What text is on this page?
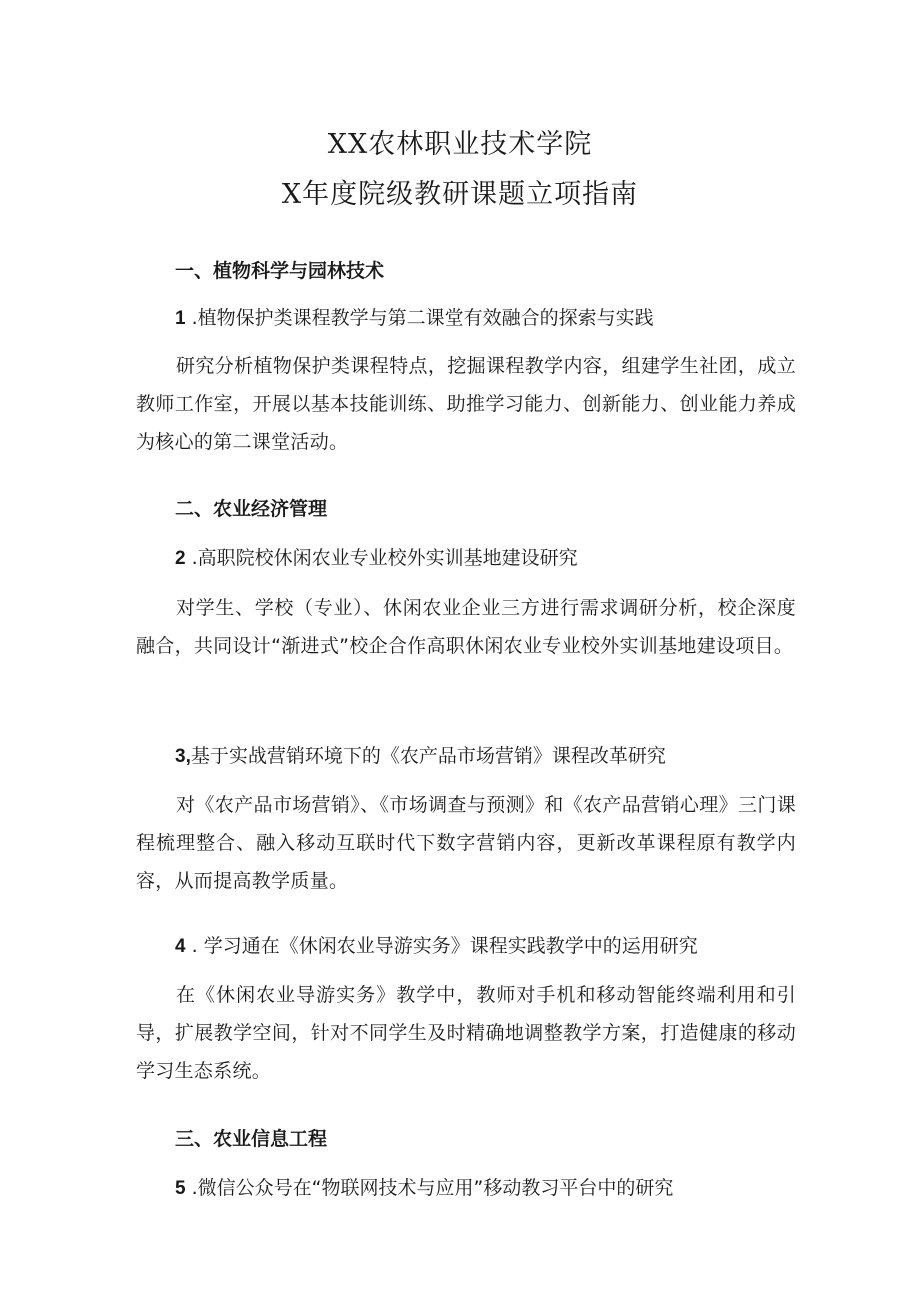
XX农林职业技术学院
X年度院级教研课题立项指南
一、植物科学与园林技术
1 .植物保护类课程教学与第二课堂有效融合的探索与实践
研究分析植物保护类课程特点，挖掘课程教学内容，组建学生社团，成立教师工作室，开展以基本技能训练、助推学习能力、创新能力、创业能力养成为核心的第二课堂活动。
二、农业经济管理
2 .高职院校休闲农业专业校外实训基地建设研究
对学生、学校（专业）、休闲农业企业三方进行需求调研分析，校企深度融合，共同设计“渐进式”校企合作高职休闲农业专业校外实训基地建设项目。
3,基于实战营销环境下的《农产品市场营销》课程改革研究
对《农产品市场营销》、《市场调查与预测》和《农产品营销心理》三门课程梳理整合、融入移动互联时代下数字营销内容，更新改革课程原有教学内容，从而提高教学质量。
4 . 学习通在《休闲农业导游实务》课程实践教学中的运用研究
在《休闲农业导游实务》教学中，教师对手机和移动智能终端利用和引导，扩展教学空间，针对不同学生及时精确地调整教学方案，打造健康的移动学习生态系统。
三、农业信息工程
5 .微信公众号在“物联网技术与应用”移动教习平台中的研究
